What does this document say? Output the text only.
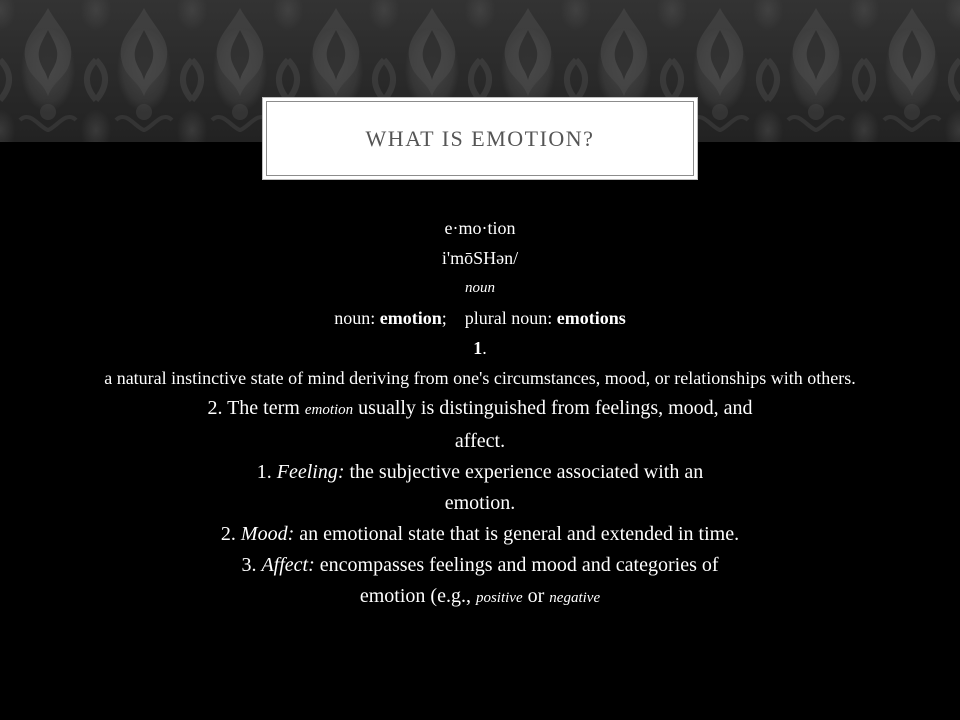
WHAT IS EMOTION?
e·mo·tion
i'mōSHən/
noun
noun: emotion; plural noun: emotions
1.
a natural instinctive state of mind deriving from one's circumstances, mood, or relationships with others.
2. The term emotion usually is distinguished from feelings, mood, and
affect.
1. Feeling: the subjective experience associated with an
emotion.
2. Mood: an emotional state that is general and extended in time.
3. Affect: encompasses feelings and mood and categories of
emotion (e.g., positive or negative
